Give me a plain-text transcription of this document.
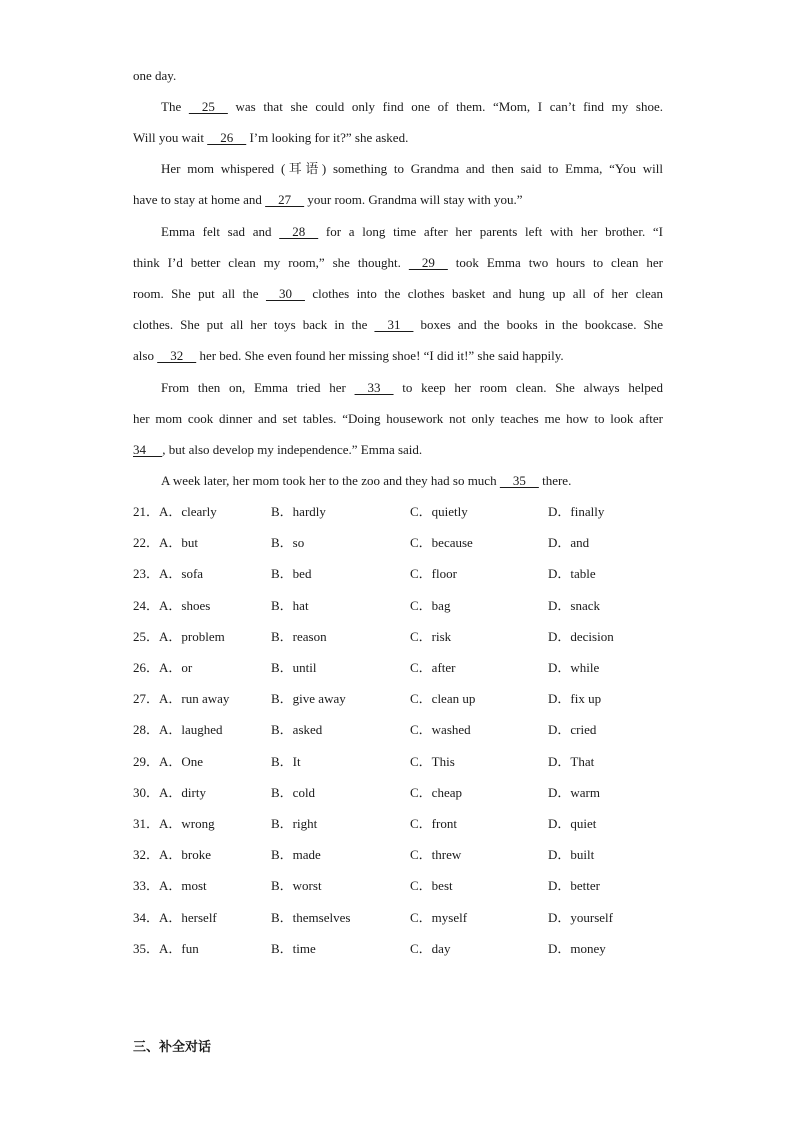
one day.
The     25     was that she could only find one of them. “Mom, I can’t find my shoe.
Will you wait     26     I’m looking for it?” she asked.
Her mom whispered (耳语) something to Grandma and then said to Emma, “You will
have to stay at home and     27     your room. Grandma will stay with you.”
Emma felt sad and     28     for a long time after her parents left with her brother. “I
think I’d better clean my room,” she thought.     29     took Emma two hours to clean her
room. She put all the     30     clothes into the clothes basket and hung up all of her clean
clothes. She put all her toys back in the     31     boxes and the books in the bookcase. She
also     32     her bed. She even found her missing shoe! “I did it!” she said happily.
From then on, Emma tried her     33     to keep her room clean. She always helped
her mom cook dinner and set tables. “Doing housework not only teaches me how to look after
34     , but also develop my independence.” Emma said.
A week later, her mom took her to the zoo and they had so much     35     there.
21．A．clearly	B．hardly	C．quietly	D．finally
22．A．but	B．so	C．because	D．and
23．A．sofa	B．bed	C．floor	D．table
24．A．shoes	B．hat	C．bag	D．snack
25．A．problem	B．reason	C．risk	D．decision
26．A．or	B．until	C．after	D．while
27．A．run away	B．give away	C．clean up	D．fix up
28．A．laughed	B．asked	C．washed	D．cried
29．A．One	B．It	C．This	D．That
30．A．dirty	B．cold	C．cheap	D．warm
31．A．wrong	B．right	C．front	D．quiet
32．A．broke	B．made	C．threw	D．built
33．A．most	B．worst	C．best	D．better
34．A．herself	B．themselves	C．myself	D．yourself
35．A．fun	B．time	C．day	D．money
三、补全对话
